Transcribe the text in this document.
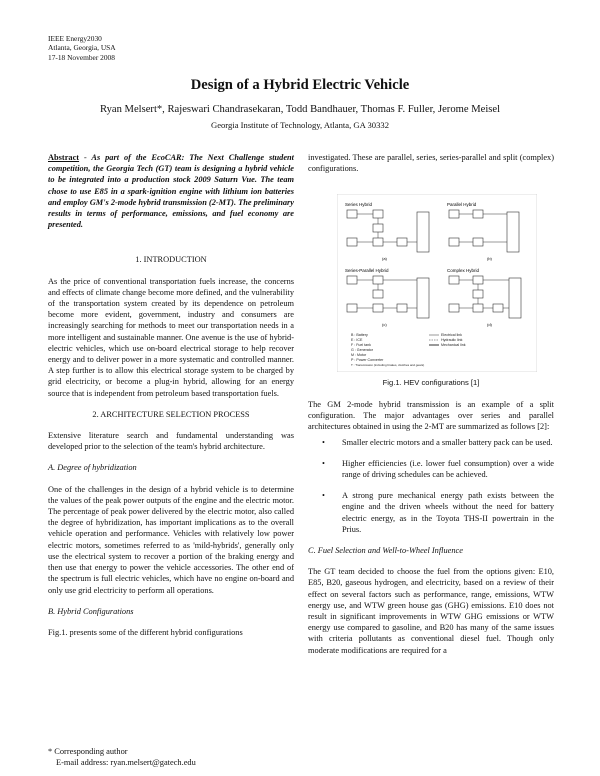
IEEE Energy2030
Atlanta, Georgia, USA
17-18 November 2008
Design of a Hybrid Electric Vehicle
Ryan Melsert*, Rajeswari Chandrasekaran, Todd Bandhauer, Thomas F. Fuller, Jerome Meisel
Georgia Institute of Technology, Atlanta, GA 30332

Abstract - As part of the EcoCAR: The Next Challenge student competition, the Georgia Tech (GT) team is designing a hybrid vehicle to be integrated into a production stock 2009 Saturn Vue. The team chose to use E85 in a spark-ignition engine with lithium ion batteries and employ GM's 2-mode hybrid transmission (2-MT). The preliminary results in terms of performance, emissions, and fuel economy are presented.

1. INTRODUCTION

As the price of conventional transportation fuels increase, the concerns and effects of climate change become more defined, and the vulnerability of the transportation system created by its dependence on petroleum become more evident, government, industry and consumers are increasingly searching for methods to meet our transportation needs in a more intelligent and sustainable manner. One avenue is the use of hybrid-electric vehicles, which use on-board electrical storage to help recover energy and to deliver power in a more systematic and controlled manner. A step further is to allow this electrical storage system to be charged by grid electricity, or become a plug-in hybrid, allowing for an energy source that is independent from petroleum based transportation fuels.

2. ARCHITECTURE SELECTION PROCESS

Extensive literature search and fundamental understanding was developed prior to the selection of the team's hybrid architecture.

A. Degree of hybridization

One of the challenges in the design of a hybrid vehicle is to determine the values of the peak power outputs of the engine and the electric motor. The percentage of peak power delivered by the electric motor, also called the degree of hybridization, has important implications as to the overall vehicle operation and performance. Vehicles with relatively low power electric motors, sometimes referred to as 'mild-hybrids', generally only use the electrical system to recover a portion of the braking energy and then use that energy to power the vehicle accessories. The other end of the spectrum is full electric vehicles, which have no engine on-board and only use grid electricity to perform all operations.

B. Hybrid Configurations

Fig.1. presents some of the different hybrid configurations

investigated. These are parallel, series, series-parallel and split (complex) configurations.

Series Hybrid
(a)
Parallel Hybrid
(b)
Series-Parallel Hybrid
(c)
Complex Hybrid
(d)
B : Battery
E : ICE
F : Fuel tank
G : Generator
M : Motor
P : Power Converter
T : Transmission (including brakes, clutches and gears)
Electrical link
Hydraulic link
Mechanical link
Fig.1. HEV configurations [1]

The GM 2-mode hybrid transmission is an example of a split configuration. The major advantages over series and parallel architectures obtained in using the 2-MT are summarized as follows [2]:

• Smaller electric motors and a smaller battery pack can be used.
• Higher efficiencies (i.e. lower fuel consumption) over a wide range of driving schedules can be achieved.
• A strong pure mechanical energy path exists between the engine and the driven wheels without the need for battery electric energy, as in the Toyota THS-II powertrain in the Prius.

C. Fuel Selection and Well-to-Wheel Influence

The GT team decided to choose the fuel from the options given: E10, E85, B20, gaseous hydrogen, and electricity, based on a review of their effect on several factors such as performance, range, emissions, WTW energy use, and WTW green house gas (GHG) emissions. E10 does not result in significant improvements in WTW GHG emissions or WTW energy use compared to gasoline, and B20 has many of the same issues with criteria pollutants as conventional diesel fuel. Though only moderate modifications are required for a

* Corresponding author
E-mail address: ryan.melsert@gatech.edu
